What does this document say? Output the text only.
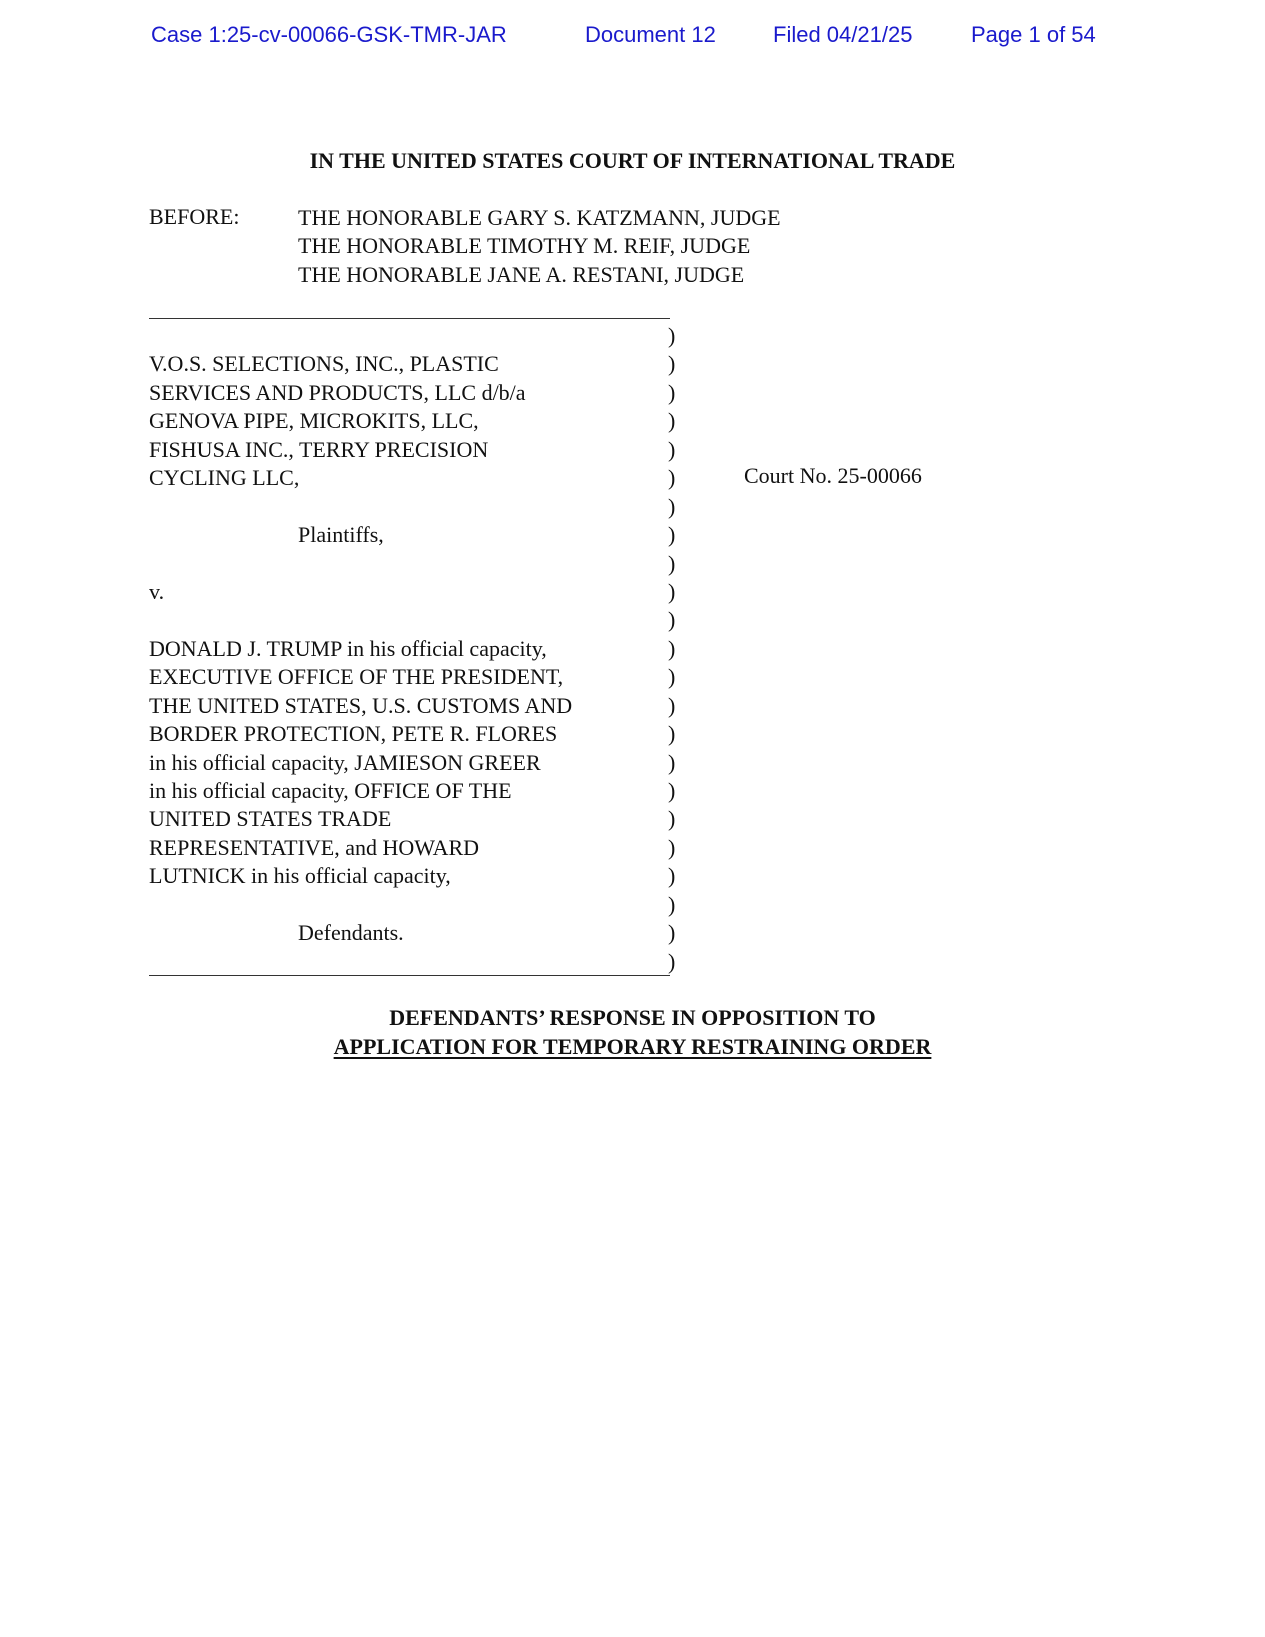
Case 1:25-cv-00066-GSK-TMR-JAR	Document 12	Filed 04/21/25	Page 1 of 54
IN THE UNITED STATES COURT OF INTERNATIONAL TRADE
BEFORE:	THE HONORABLE GARY S. KATZMANN, JUDGE
THE HONORABLE TIMOTHY M. REIF, JUDGE
THE HONORABLE JANE A. RESTANI, JUDGE
)
V.O.S. SELECTIONS, INC., PLASTIC	)
SERVICES AND PRODUCTS, LLC d/b/a	)
GENOVA PIPE, MICROKITS, LLC,	)
FISHUSA INC., TERRY PRECISION	)
CYCLING LLC,	)
)
Plaintiffs,	)
)
v.	)
)
DONALD J. TRUMP in his official capacity,	)
EXECUTIVE OFFICE OF THE PRESIDENT,	)
THE UNITED STATES, U.S. CUSTOMS AND	)
BORDER PROTECTION, PETE R. FLORES	)
in his official capacity, JAMIESON GREER	)
in his official capacity, OFFICE OF THE	)
UNITED STATES TRADE	)
REPRESENTATIVE, and HOWARD	)
LUTNICK in his official capacity,	)
)
Defendants.	)
)
Court No. 25-00066
DEFENDANTS’ RESPONSE IN OPPOSITION TO
APPLICATION FOR TEMPORARY RESTRAINING ORDER
